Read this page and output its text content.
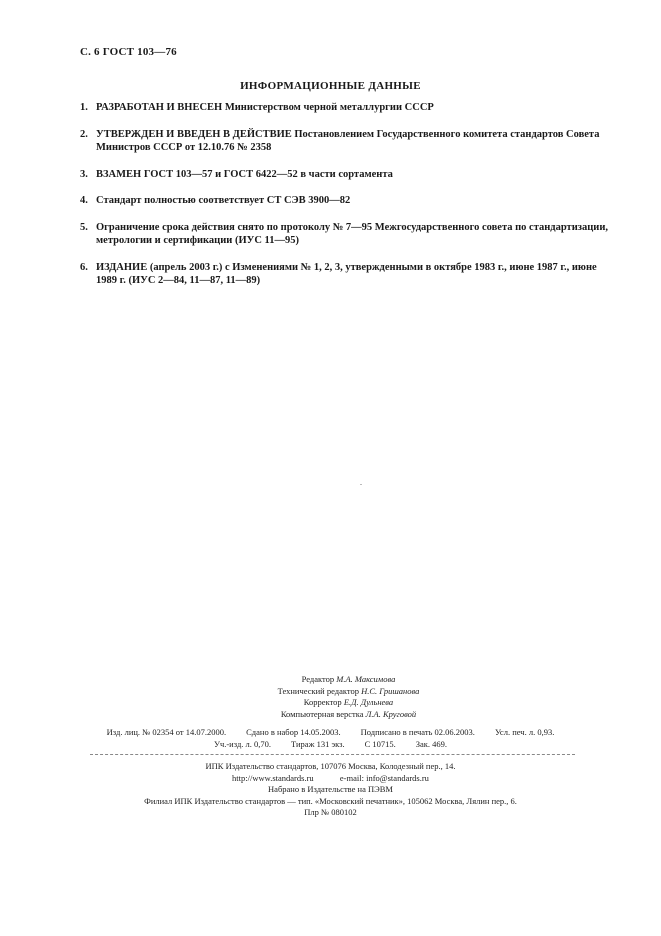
С. 6 ГОСТ 103—76
ИНФОРМАЦИОННЫЕ ДАННЫЕ
1. РАЗРАБОТАН И ВНЕСЕН Министерством черной металлургии СССР
2. УТВЕРЖДЕН И ВВЕДЕН В ДЕЙСТВИЕ Постановлением Государственного комитета стандартов Совета Министров СССР от 12.10.76 № 2358
3. ВЗАМЕН ГОСТ 103—57 и ГОСТ 6422—52 в части сортамента
4. Стандарт полностью соответствует СТ СЭВ 3900—82
5. Ограничение срока действия снято по протоколу № 7—95 Межгосударственного совета по стандартизации, метрологии и сертификации (ИУС 11—95)
6. ИЗДАНИЕ (апрель 2003 г.) с Изменениями № 1, 2, 3, утвержденными в октябре 1983 г., июне 1987 г., июне 1989 г. (ИУС 2—84, 11—87, 11—89)
Редактор М.А. Максимова
Технический редактор Н.С. Гришанова
Корректор Е.Д. Дульнева
Компьютерная верстка Л.А. Круговой
Изд. лиц. № 02354 от 14.07.2000. Сдано в набор 14.05.2003. Подписано в печать 02.06.2003. Усл. печ. л. 0,93.
Уч.-изд. л. 0,70. Тираж 131 экз. С 10715. Зак. 469.
ИПК Издательство стандартов, 107076 Москва, Колодезный пер., 14.
http://www.standards.ru	e-mail: info@standards.ru
Набрано в Издательстве на ПЭВМ
Филиал ИПК Издательство стандартов — тип. «Московский печатник», 105062 Москва, Лялин пер., 6.
Плр № 080102
